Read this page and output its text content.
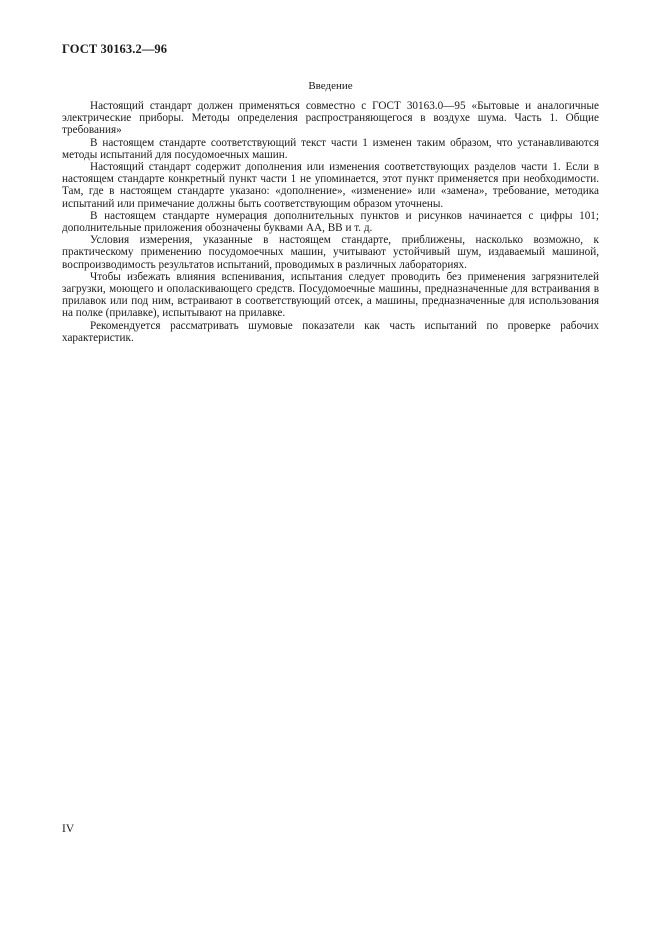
ГОСТ 30163.2—96
Введение

Настоящий стандарт должен применяться совместно с ГОСТ 30163.0—95 «Бытовые и аналогичные электрические приборы. Методы определения распространяющегося в воздухе шума. Часть 1. Общие требования»

В настоящем стандарте соответствующий текст части 1 изменен таким образом, что устанавливаются методы испытаний для посудомоечных машин.

Настоящий стандарт содержит дополнения или изменения соответствующих разделов части 1. Если в настоящем стандарте конкретный пункт части 1 не упоминается, этот пункт применяется при необходимости. Там, где в настоящем стандарте указано: «дополнение», «изменение» или «замена», требование, методика испытаний или примечание должны быть соответствующим образом уточнены.

В настоящем стандарте нумерация дополнительных пунктов и рисунков начинается с цифры 101; дополнительные приложения обозначены буквами АА, ВВ и т. д.

Условия измерения, указанные в настоящем стандарте, приближены, насколько возможно, к практическому применению посудомоечных машин, учитывают устойчивый шум, издаваемый машиной, воспроизводимость результатов испытаний, проводимых в различных лабораториях.

Чтобы избежать влияния вспенивания, испытания следует проводить без применения загрязнителей загрузки, моющего и ополаскивающего средств. Посудомоечные машины, предназначенные для встраивания в прилавок или под ним, встраивают в соответствующий отсек, а машины, предназначенные для использования на полке (прилавке), испытывают на прилавке.

Рекомендуется рассматривать шумовые показатели как часть испытаний по проверке рабочих характеристик.

IV
